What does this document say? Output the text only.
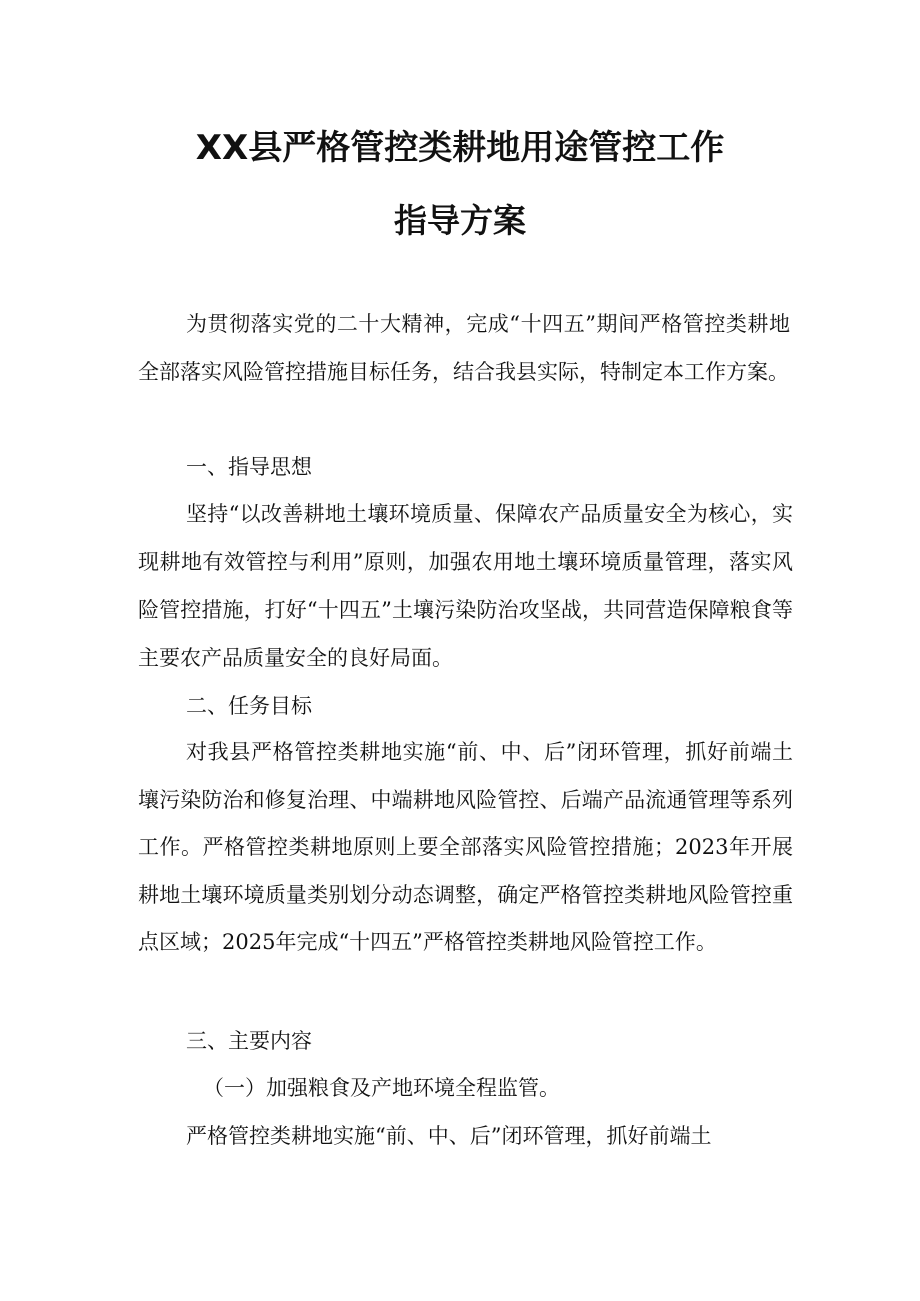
XX县严格管控类耕地用途管控工作
指导方案

为贯彻落实党的二十大精神，完成“十四五”期间严格管控类耕地全部落实风险管控措施目标任务，结合我县实际，特制定本工作方案。

一、指导思想

坚持“以改善耕地土壤环境质量、保障农产品质量安全为核心，实现耕地有效管控与利用”原则，加强农用地土壤环境质量管理，落实风险管控措施，打好“十四五”土壤污染防治攻坚战，共同营造保障粮食等主要农产品质量安全的良好局面。

二、任务目标

对我县严格管控类耕地实施“前、中、后”闭环管理，抓好前端土壤污染防治和修复治理、中端耕地风险管控、后端产品流通管理等系列工作。严格管控类耕地原则上要全部落实风险管控措施；2023年开展耕地土壤环境质量类别划分动态调整，确定严格管控类耕地风险管控重点区域；2025年完成“十四五”严格管控类耕地风险管控工作。

三、主要内容
（一）加强粮食及产地环境全程监管。

严格管控类耕地实施“前、中、后”闭环管理，抓好前端土
